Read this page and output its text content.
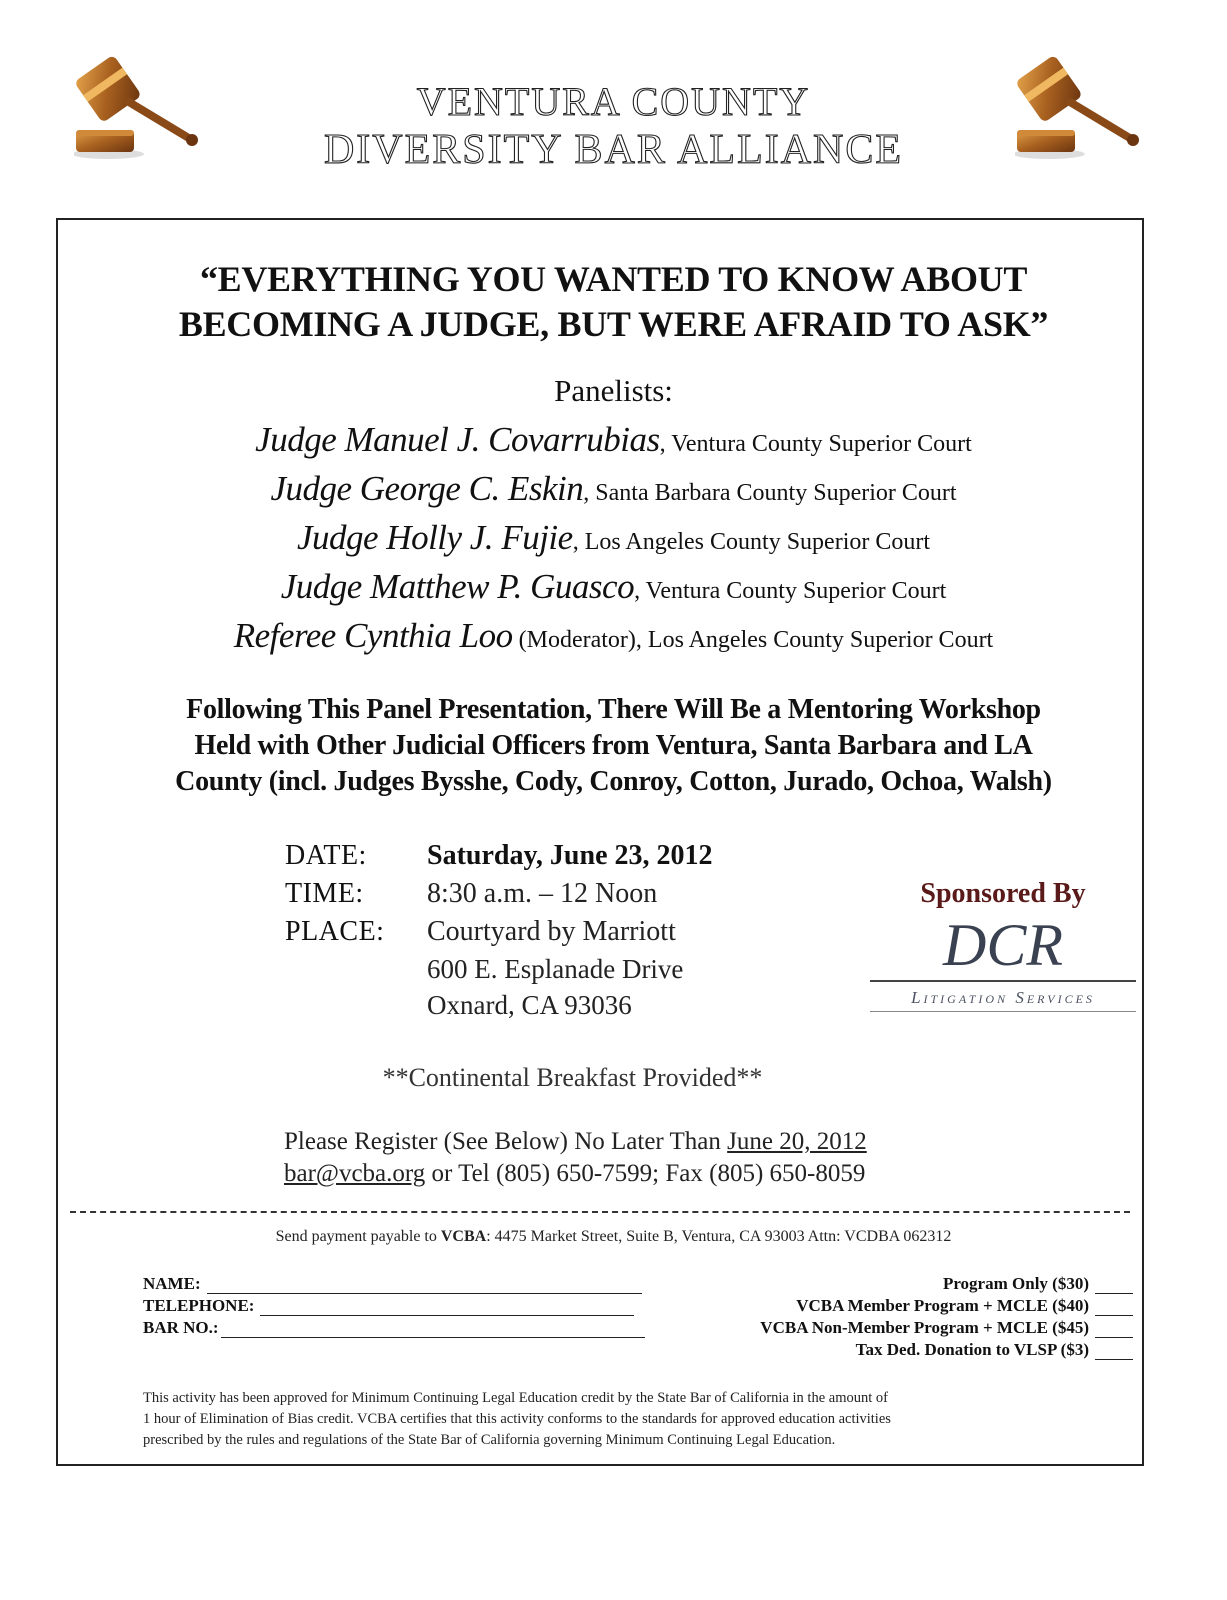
VENTURA COUNTY
DIVERSITY BAR ALLIANCE
“EVERYTHING YOU WANTED TO KNOW ABOUT
BECOMING A JUDGE, BUT WERE AFRAID TO ASK”
Panelists:
Judge Manuel J. Covarrubias, Ventura County Superior Court
Judge George C. Eskin, Santa Barbara County Superior Court
Judge Holly J. Fujie, Los Angeles County Superior Court
Judge Matthew P. Guasco, Ventura County Superior Court
Referee Cynthia Loo (Moderator), Los Angeles County Superior Court
Following This Panel Presentation, There Will Be a Mentoring Workshop
Held with Other Judicial Officers from Ventura, Santa Barbara and LA
County (incl. Judges Bysshe, Cody, Conroy, Cotton, Jurado, Ochoa, Walsh)
DATE:	Saturday, June 23, 2012
TIME:	8:30 a.m. – 12 Noon
PLACE:	Courtyard by Marriott
600 E. Esplanade Drive
Oxnard, CA 93036
Sponsored By
DCR
Litigation Services
**Continental Breakfast Provided**
Please Register (See Below) No Later Than June 20, 2012
bar@vcba.org or Tel (805) 650-7599; Fax (805) 650-8059
Send payment payable to VCBA: 4475 Market Street, Suite B, Ventura, CA 93003 Attn: VCDBA 062312
NAME:
TELEPHONE:
BAR NO.:
Program Only ($30)
VCBA Member Program + MCLE ($40)
VCBA Non-Member Program + MCLE ($45)
Tax Ded. Donation to VLSP ($3)
This activity has been approved for Minimum Continuing Legal Education credit by the State Bar of California in the amount of
1 hour of Elimination of Bias credit. VCBA certifies that this activity conforms to the standards for approved education activities
prescribed by the rules and regulations of the State Bar of California governing Minimum Continuing Legal Education.
